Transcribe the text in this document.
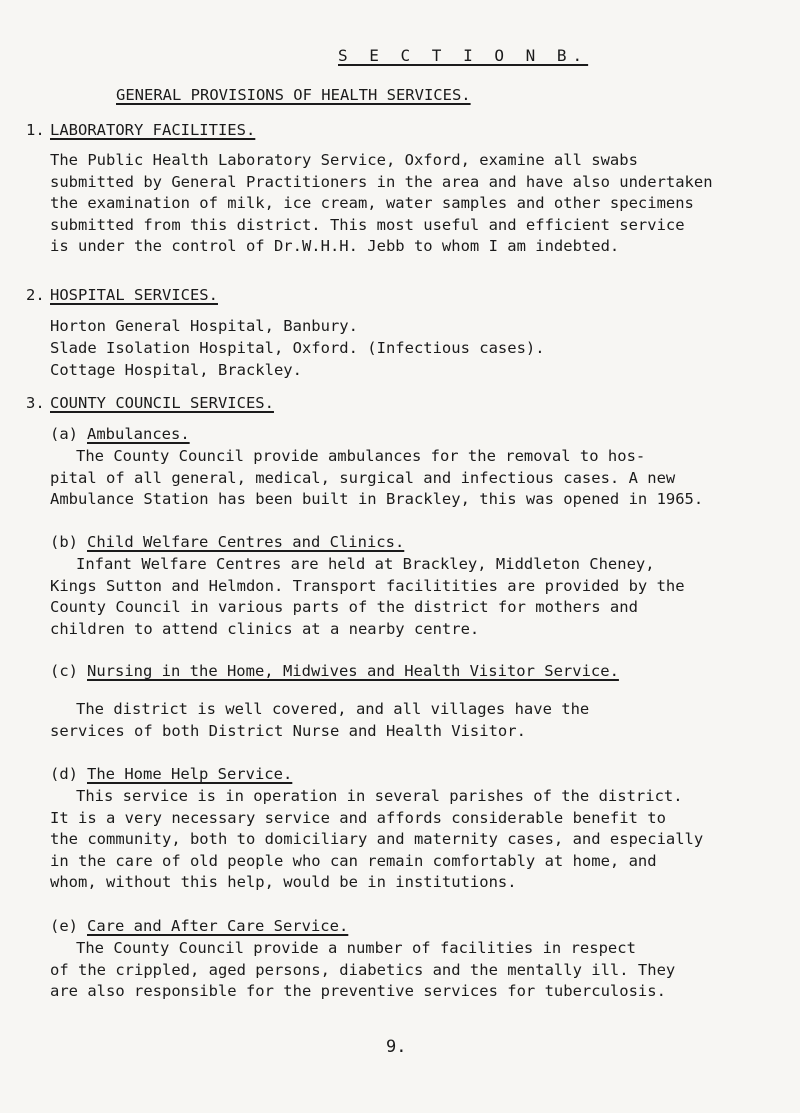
S E C T I O N B.
GENERAL PROVISIONS OF HEALTH SERVICES.
1. LABORATORY FACILITIES.

The Public Health Laboratory Service, Oxford, examine all swabs

submitted by General Practitioners in the area and have also undertaken

the examination of milk, ice cream, water samples and other specimens

submitted from this district. This most useful and efficient service

is under the control of Dr.W.H.H. Jebb to whom I am indebted.

2. HOSPITAL SERVICES.

Horton General Hospital, Banbury.

Slade Isolation Hospital, Oxford. (Infectious cases).

Cottage Hospital, Brackley.

3. COUNTY COUNCIL SERVICES.
(a) Ambulances.

The County Council provide ambulances for the removal to hos-

pital of all general, medical, surgical and infectious cases. A new

Ambulance Station has been built in Brackley, this was opened in 1965.

(b) Child Welfare Centres and Clinics.

Infant Welfare Centres are held at Brackley, Middleton Cheney,

Kings Sutton and Helmdon. Transport facilitities are provided by the

County Council in various parts of the district for mothers and

children to attend clinics at a nearby centre.

(c) Nursing in the Home, Midwives and Health Visitor Service.

The district is well covered, and all villages have the

services of both District Nurse and Health Visitor.

(d) The Home Help Service.

This service is in operation in several parishes of the district.

It is a very necessary service and affords considerable benefit to

the community, both to domiciliary and maternity cases, and especially

in the care of old people who can remain comfortably at home, and

whom, without this help, would be in institutions.

(e) Care and After Care Service.

The County Council provide a number of facilities in respect

of the crippled, aged persons, diabetics and the mentally ill. They

are also responsible for the preventive services for tuberculosis.

9.
